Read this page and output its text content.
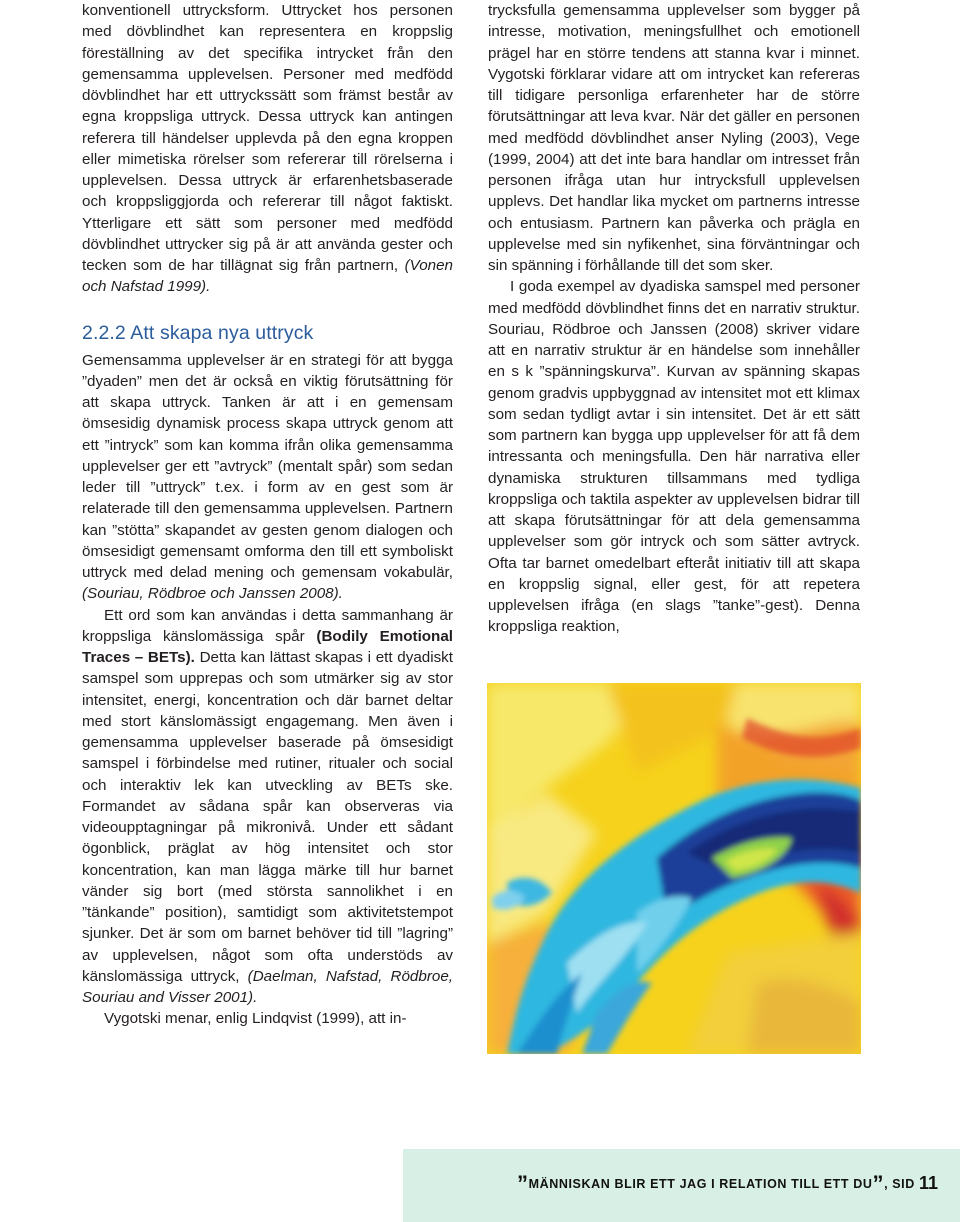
konventionell uttrycksform. Uttrycket hos personen med dövblindhet kan representera en kroppslig föreställning av det specifika intrycket från den gemensamma upplevelsen. Personer med medfödd dövblindhet har ett uttryckssätt som främst består av egna kroppsliga uttryck. Dessa uttryck kan antingen referera till händelser upplevda på den egna kroppen eller mimetiska rörelser som refererar till rörelserna i upplevelsen. Dessa uttryck är erfarenhetsbaserade och kroppsliggjorda och refererar till något faktiskt. Ytterligare ett sätt som personer med medfödd dövblindhet uttrycker sig på är att använda gester och tecken som de har tillägnat sig från partnern, (Vonen och Nafstad 1999).

2.2.2 Att skapa nya uttryck

Gemensamma upplevelser är en strategi för att bygga ”dyaden” men det är också en viktig förutsättning för att skapa uttryck. Tanken är att i en gemensam ömsesidig dynamisk process skapa uttryck genom att ett ”intryck” som kan komma ifrån olika gemensamma upplevelser ger ett ”avtryck” (mentalt spår) som sedan leder till ”uttryck” t.ex. i form av en gest som är relaterade till den gemensamma upplevelsen. Partnern kan ”stötta” skapandet av gesten genom dialogen och ömsesidigt gemensamt omforma den till ett symboliskt uttryck med delad mening och gemensam vokabulär, (Souriau, Rödbroe och Janssen 2008).

Ett ord som kan användas i detta sammanhang är kroppsliga känslomässiga spår (Bodily Emotional Traces – BETs). Detta kan lättast skapas i ett dyadiskt samspel som upprepas och som utmärker sig av stor intensitet, energi, koncentration och där barnet deltar med stort känslomässigt engagemang. Men även i gemensamma upplevelser baserade på ömsesidigt samspel i förbindelse med rutiner, ritualer och social och interaktiv lek kan utveckling av BETs ske. Formandet av sådana spår kan observeras via videoupptagningar på mikronivå. Under ett sådant ögonblick, präglat av hög intensitet och stor koncentration, kan man lägga märke till hur barnet vänder sig bort (med största sannolikhet i en ”tänkande” position), samtidigt som aktivitetstempot sjunker. Det är som om barnet behöver tid till ”lagring” av upplevelsen, något som ofta understöds av känslomässiga uttryck, (Daelman, Nafstad, Rödbroe, Souriau and Visser 2001).

Vygotski menar, enlig Lindqvist (1999), att in-

trycksfulla gemensamma upplevelser som bygger på intresse, motivation, meningsfullhet och emotionell prägel har en större tendens att stanna kvar i minnet. Vygotski förklarar vidare att om intrycket kan refereras till tidigare personliga erfarenheter har de större förutsättningar att leva kvar. När det gäller en personen med medfödd dövblindhet anser Nyling (2003), Vege (1999, 2004) att det inte bara handlar om intresset från personen ifråga utan hur intrycksfull upplevelsen upplevs. Det handlar lika mycket om partnerns intresse och entusiasm. Partnern kan påverka och prägla en upplevelse med sin nyfikenhet, sina förväntningar och sin spänning i förhållande till det som sker.

I goda exempel av dyadiska samspel med personer med medfödd dövblindhet finns det en narrativ struktur. Souriau, Rödbroe och Janssen (2008) skriver vidare att en narrativ struktur är en händelse som innehåller en s k ”spänningskurva”. Kurvan av spänning skapas genom gradvis uppbyggnad av intensitet mot ett klimax som sedan tydligt avtar i sin intensitet. Det är ett sätt som partnern kan bygga upp upplevelser för att få dem intressanta och meningsfulla. Den här narrativa eller dynamiska strukturen tillsammans med tydliga kroppsliga och taktila aspekter av upplevelsen bidrar till att skapa förutsättningar för att dela gemensamma upplevelser som gör intryck och som sätter avtryck. Ofta tar barnet omedelbart efteråt initiativ till att skapa en kroppslig signal, eller gest, för att repetera upplevelsen ifråga (en slags ”tanke”-gest). Denna kroppsliga reaktion,

”MÄNNISKAN BLIR ETT JAG I RELATION TILL ETT DU”, SID 11
